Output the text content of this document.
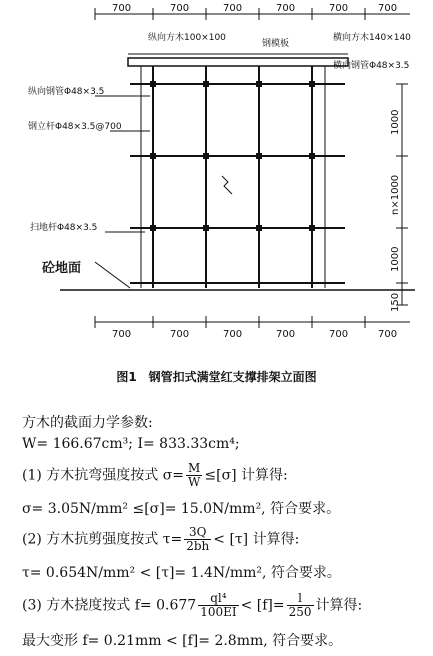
700	700	700	700	700	700
700	700	700	700	700	700
1000
n×1000
1000
150
纵向方木100×100
钢模板
横向方木140×140
横向钢管Φ48×3.5
纵向钢管Φ48×3.5
钢立杆Φ48×3.5@700
扫地杆Φ48×3.5
砼地面
图1　钢管扣式满堂红支撑排架立面图
方木的截面力学参数:
W= 166.67cm³; I= 833.33cm⁴;
(1) 方木抗弯强度按式 $\sigma= \frac{M}{W} \le[\sigma]$ 计算得:
σ= 3.05N/mm² ≤[σ]= 15.0N/mm², 符合要求。
(2) 方木抗剪强度按式 $\tau= \frac{3Q}{2bh} < [\tau]$ 计算得:
τ= 0.654N/mm² < [τ]= 1.4N/mm², 符合要求。
(3) 方木挠度按式 $f= 0.677 \frac{\text{ql⁴}}{100EI} < [f]= \frac{l}{250}$ 计算得:
最大变形 f= 0.21mm < [f]= 2.8mm, 符合要求。
